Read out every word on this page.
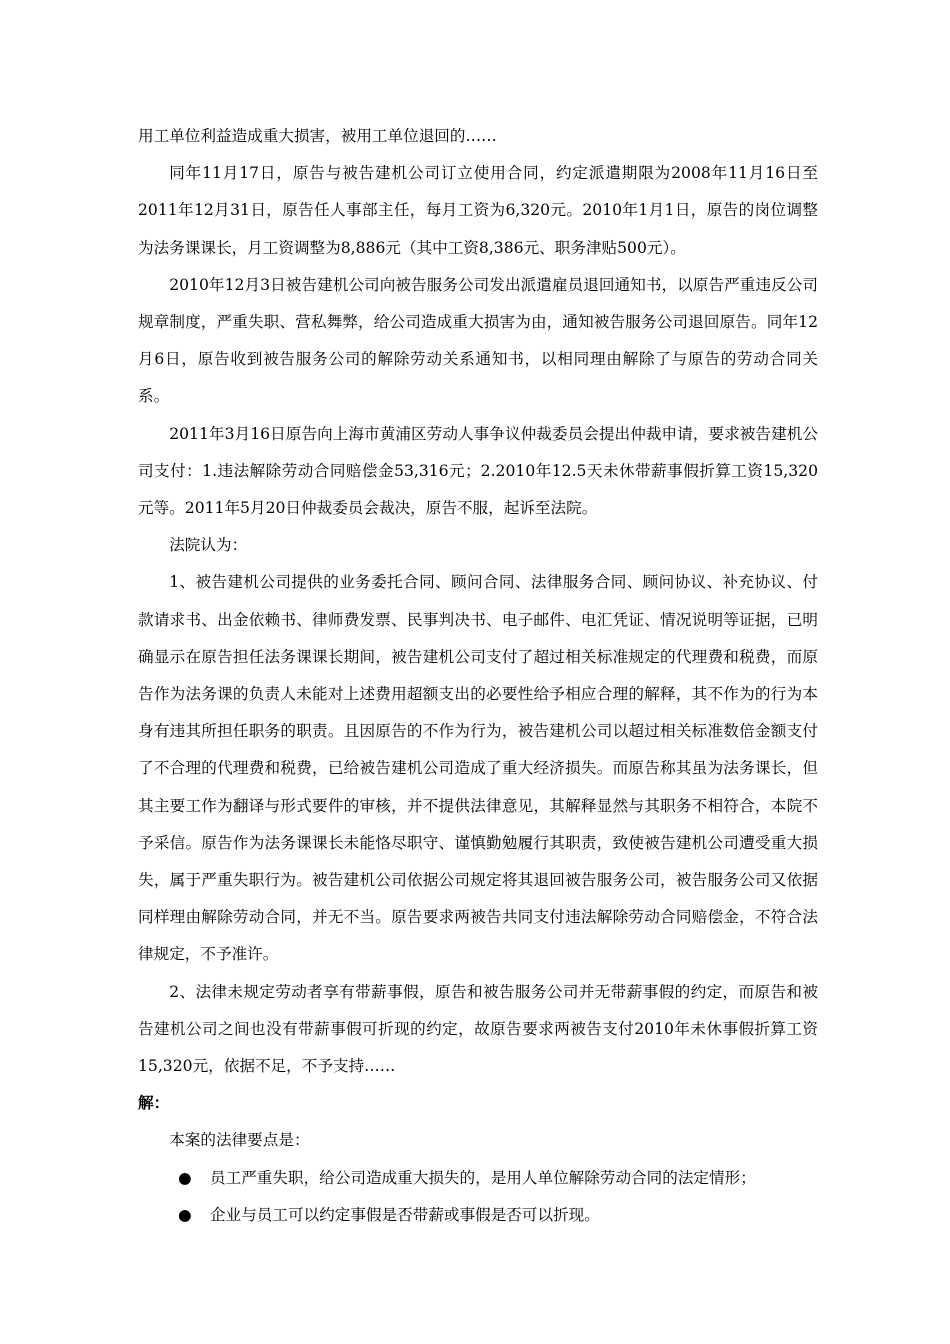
用工单位利益造成重大损害，被用工单位退回的……

同年11月17日，原告与被告建机公司订立使用合同，约定派遣期限为2008年11月16日至2011年12月31日，原告任人事部主任，每月工资为6,320元。2010年1月1日，原告的岗位调整为法务课课长，月工资调整为8,886元（其中工资8,386元、职务津贴500元）。

2010年12月3日被告建机公司向被告服务公司发出派遣雇员退回通知书，以原告严重违反公司规章制度，严重失职、营私舞弊，给公司造成重大损害为由，通知被告服务公司退回原告。同年12月6日，原告收到被告服务公司的解除劳动关系通知书，以相同理由解除了与原告的劳动合同关系。

2011年3月16日原告向上海市黄浦区劳动人事争议仲裁委员会提出仲裁申请，要求被告建机公司支付：1.违法解除劳动合同赔偿金53,316元；2.2010年12.5天未休带薪事假折算工资15,320元等。2011年5月20日仲裁委员会裁决，原告不服，起诉至法院。

法院认为：

1、被告建机公司提供的业务委托合同、顾问合同、法律服务合同、顾问协议、补充协议、付款请求书、出金依赖书、律师费发票、民事判决书、电子邮件、电汇凭证、情况说明等证据，已明确显示在原告担任法务课课长期间，被告建机公司支付了超过相关标准规定的代理费和税费，而原告作为法务课的负责人未能对上述费用超额支出的必要性给予相应合理的解释，其不作为的行为本身有违其所担任职务的职责。且因原告的不作为行为，被告建机公司以超过相关标准数倍金额支付了不合理的代理费和税费，已给被告建机公司造成了重大经济损失。而原告称其虽为法务课长，但其主要工作为翻译与形式要件的审核，并不提供法律意见，其解释显然与其职务不相符合，本院不予采信。原告作为法务课课长未能恪尽职守、谨慎勤勉履行其职责，致使被告建机公司遭受重大损失，属于严重失职行为。被告建机公司依据公司规定将其退回被告服务公司，被告服务公司又依据同样理由解除劳动合同，并无不当。原告要求两被告共同支付违法解除劳动合同赔偿金，不符合法律规定，不予准许。

2、法律未规定劳动者享有带薪事假，原告和被告服务公司并无带薪事假的约定，而原告和被告建机公司之间也没有带薪事假可折现的约定，故原告要求两被告支付2010年未休事假折算工资15,320元，依据不足，不予支持……

解：

本案的法律要点是：

●	员工严重失职，给公司造成重大损失的，是用人单位解除劳动合同的法定情形；
●	企业与员工可以约定事假是否带薪或事假是否可以折现。
